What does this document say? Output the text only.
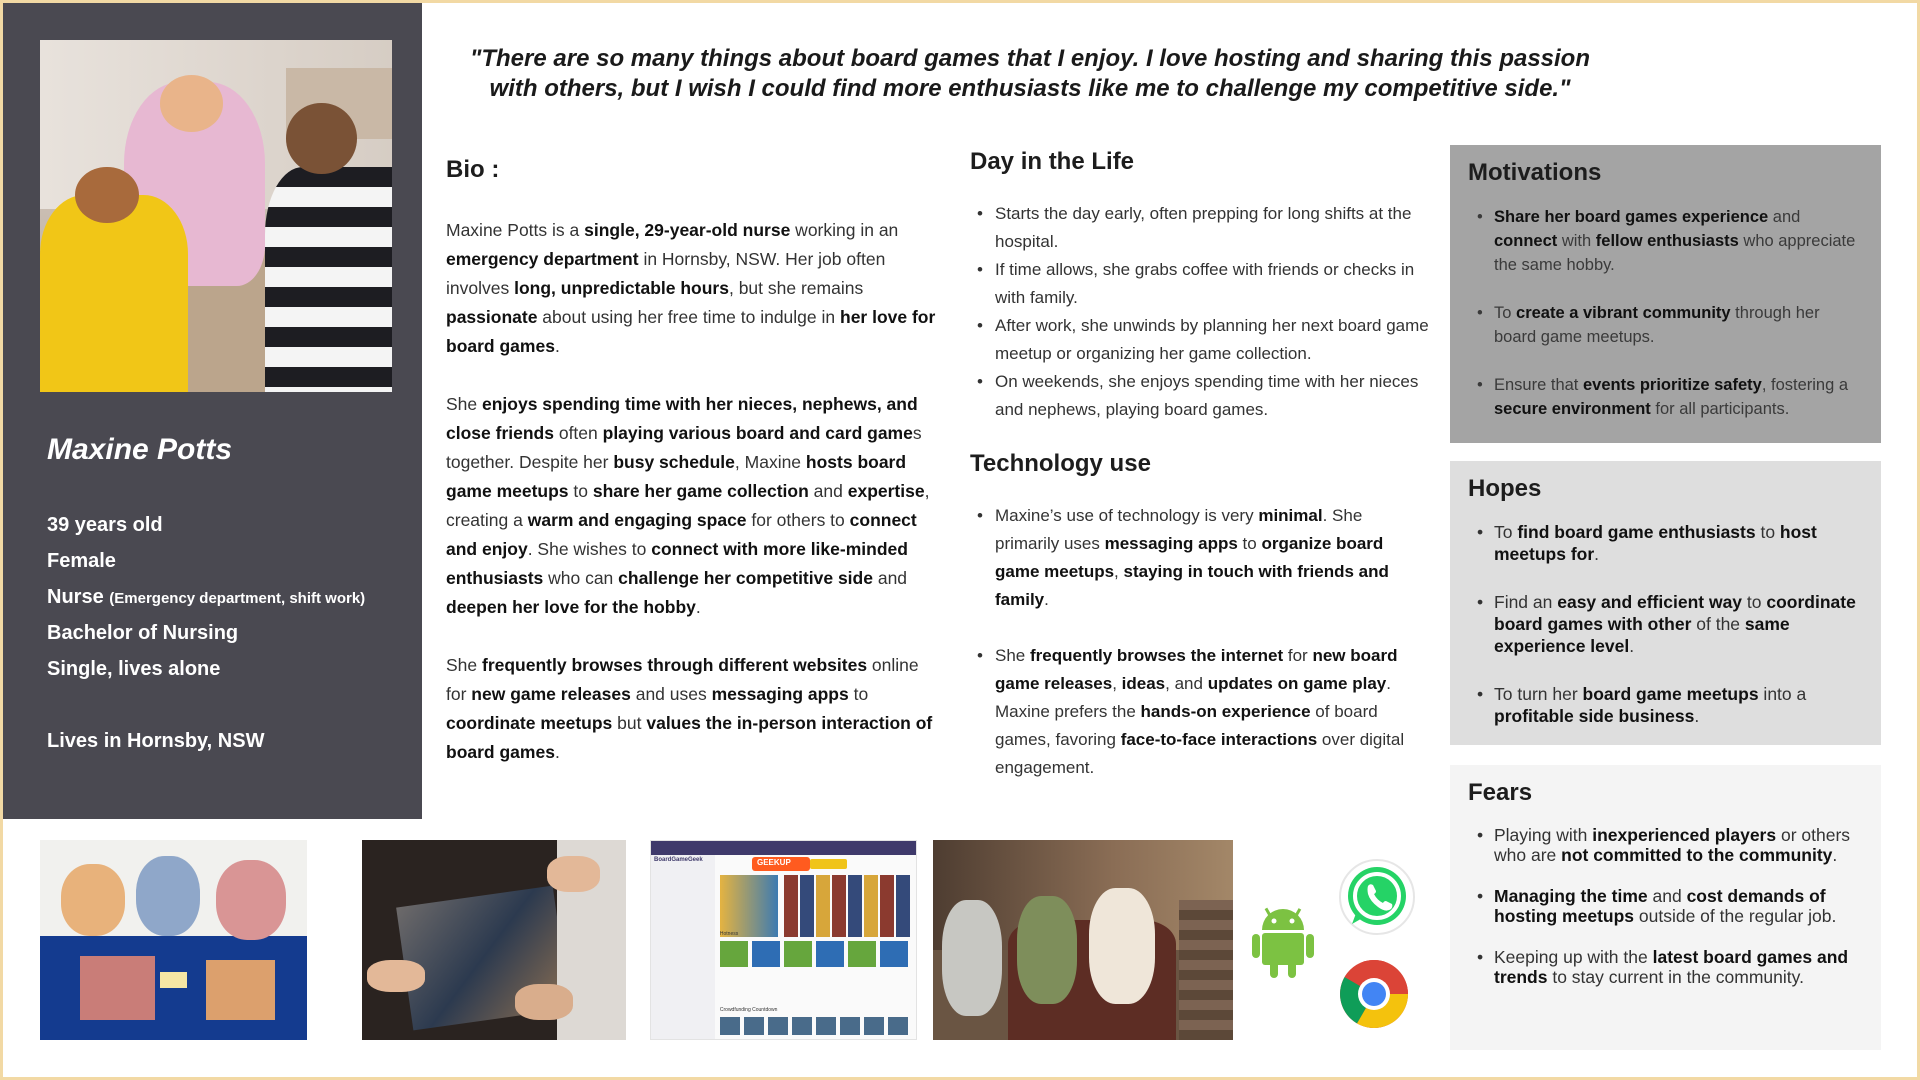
Maxine Potts
39 years old
Female
Nurse (Emergency department, shift work)
Bachelor of Nursing
Single, lives alone
Lives in Hornsby, NSW
"There are so many things about board games that I enjoy. I love hosting and sharing this passion
with others, but I wish I could find more enthusiasts like me to challenge my competitive side."
Bio :

Maxine Potts is a single, 29-year-old nurse working in an emergency department in Hornsby, NSW. Her job often involves long, unpredictable hours, but she remains passionate about using her free time to indulge in her love for board games.

She enjoys spending time with her nieces, nephews, and close friends often playing various board and card games together. Despite her busy schedule, Maxine hosts board game meetups to share her game collection and expertise, creating a warm and engaging space for others to connect and enjoy. She wishes to connect with more like-minded enthusiasts who can challenge her competitive side and deepen her love for the hobby.

She frequently browses through different websites online for new game releases and uses messaging apps to coordinate meetups but values the in-person interaction of board games.

Day in the Life
• Starts the day early, often prepping for long shifts at the hospital.
• If time allows, she grabs coffee with friends or checks in with family.
• After work, she unwinds by planning her next board game meetup or organizing her game collection.
• On weekends, she enjoys spending time with her nieces and nephews, playing board games.
Technology use
• Maxine’s use of technology is very minimal. She primarily uses messaging apps to organize board game meetups, staying in touch with friends and family.
• She frequently browses the internet for new board game releases, ideas, and updates on game play. Maxine prefers the hands-on experience of board games, favoring face-to-face interactions over digital engagement.
Motivations
• Share her board games experience and connect with fellow enthusiasts who appreciate the same hobby.
• To create a vibrant community through her board game meetups.
• Ensure that events prioritize safety, fostering a secure environment for all participants.
Hopes
• To find board game enthusiasts to host meetups for.
• Find an easy and efficient way to coordinate board games with other of the same experience level.
• To turn her board game meetups into a profitable side business.
Fears
• Playing with inexperienced players or others who are not committed to the community.
• Managing the time and cost demands of hosting meetups outside of the regular job.
• Keeping up with the latest board games and trends to stay current in the community.
BoardGameGeek	GEEKUP
Hotness
Crowdfunding Countdown
